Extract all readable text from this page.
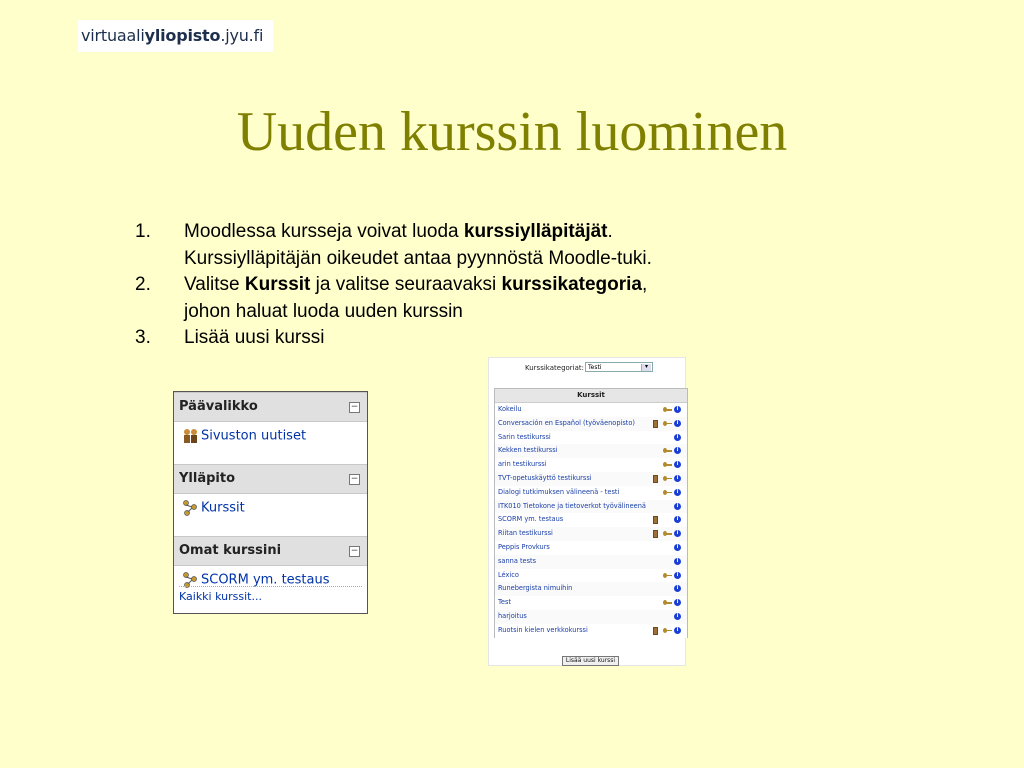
virtuaaliyliopisto.jyu.fi
Uuden kurssin luominen
1. Moodlessa kursseja voivat luoda kurssiylläpitäjät.
Kurssiylläpitäjän oikeudet antaa pyynnöstä Moodle-tuki.
2. Valitse Kurssit ja valitse seuraavaksi kurssikategoria,
johon haluat luoda uuden kurssin
3. Lisää uusi kurssi
Päävalikko	−
Sivuston uutiset
Ylläpito	−
Kurssit
Omat kurssini	−
SCORM ym. testaus
Kaikki kurssit...
Kurssikategoriat: Testi	▾
Kurssit
Kokeilu	i
Conversación en Español (työväenopisto)	i
Sarin testikurssi	i
Kekken testikurssi	i
arin testikurssi	i
TVT-opetuskäyttö testikurssi	i
Dialogi tutkimuksen välineenä - testi	i
ITK010 Tietokone ja tietoverkot työvälineenä	i
SCORM ym. testaus	i
Riitan testikurssi	i
Peppis Provkurs	i
sanna tests	i
Léxico	i
Runebergista nimuihin	i
Test	i
harjoitus	i
Ruotsin kielen verkkokurssi	i
Lisää uusi kurssi
